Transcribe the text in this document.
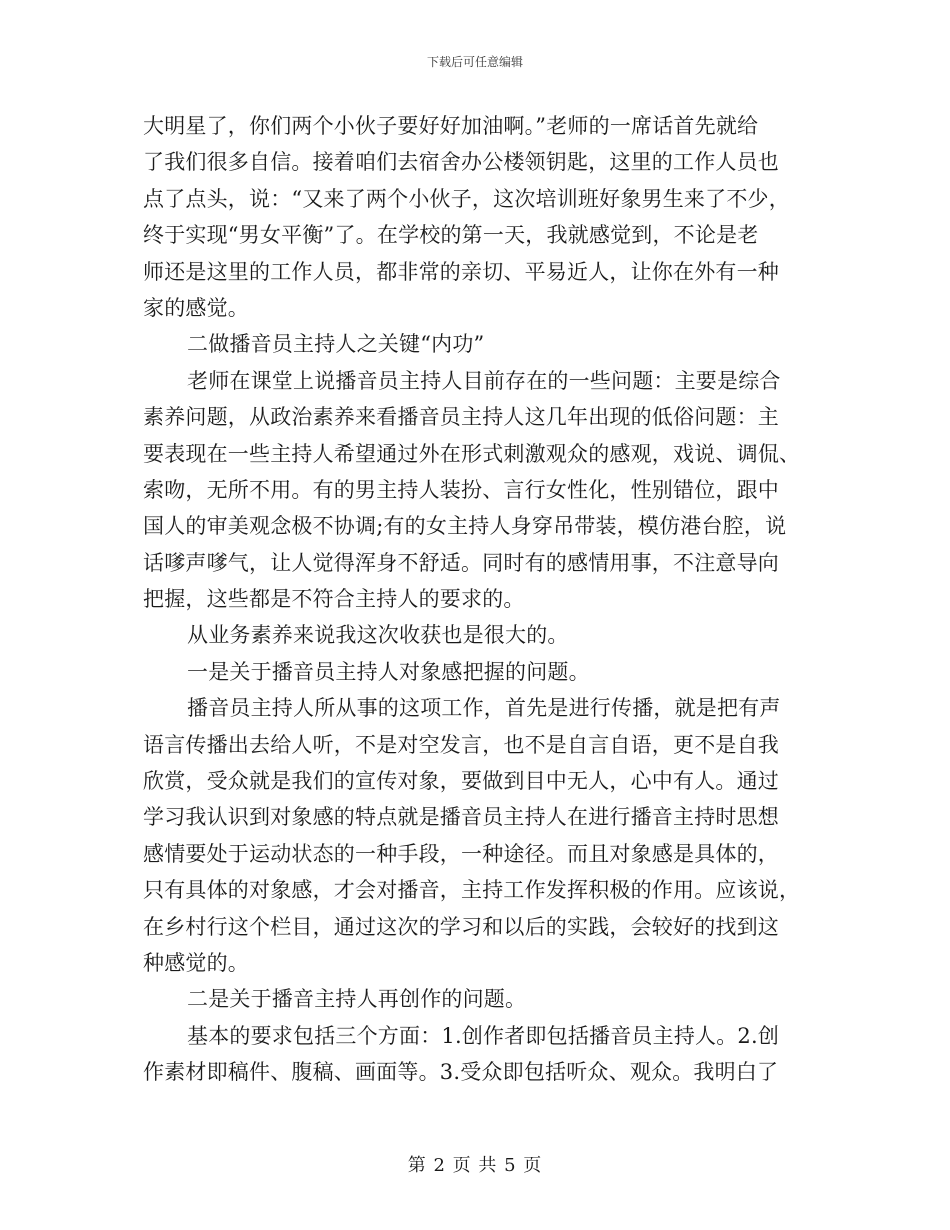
下载后可任意编辑
大明星了，你们两个小伙子要好好加油啊。”老师的一席话首先就给
了我们很多自信。接着咱们去宿舍办公楼领钥匙，这里的工作人员也
点了点头，说：“又来了两个小伙子，这次培训班好象男生来了不少，
终于实现“男女平衡”了。在学校的第一天，我就感觉到，不论是老
师还是这里的工作人员，都非常的亲切、平易近人，让你在外有一种
家的感觉。
二做播音员主持人之关键“内功”
老师在课堂上说播音员主持人目前存在的一些问题：主要是综合
素养问题，从政治素养来看播音员主持人这几年出现的低俗问题：主
要表现在一些主持人希望通过外在形式刺激观众的感观，戏说、调侃、
索吻，无所不用。有的男主持人装扮、言行女性化，性别错位，跟中
国人的审美观念极不协调;有的女主持人身穿吊带装，模仿港台腔，说
话嗲声嗲气，让人觉得浑身不舒适。同时有的感情用事，不注意导向
把握，这些都是不符合主持人的要求的。
从业务素养来说我这次收获也是很大的。
一是关于播音员主持人对象感把握的问题。
播音员主持人所从事的这项工作，首先是进行传播，就是把有声
语言传播出去给人听，不是对空发言，也不是自言自语，更不是自我
欣赏，受众就是我们的宣传对象，要做到目中无人，心中有人。通过
学习我认识到对象感的特点就是播音员主持人在进行播音主持时思想
感情要处于运动状态的一种手段，一种途径。而且对象感是具体的，
只有具体的对象感，才会对播音，主持工作发挥积极的作用。应该说，
在乡村行这个栏目，通过这次的学习和以后的实践，会较好的找到这
种感觉的。
二是关于播音主持人再创作的问题。
基本的要求包括三个方面：1.创作者即包括播音员主持人。2.创
作素材即稿件、腹稿、画面等。3.受众即包括听众、观众。我明白了
第 2 页 共 5 页
